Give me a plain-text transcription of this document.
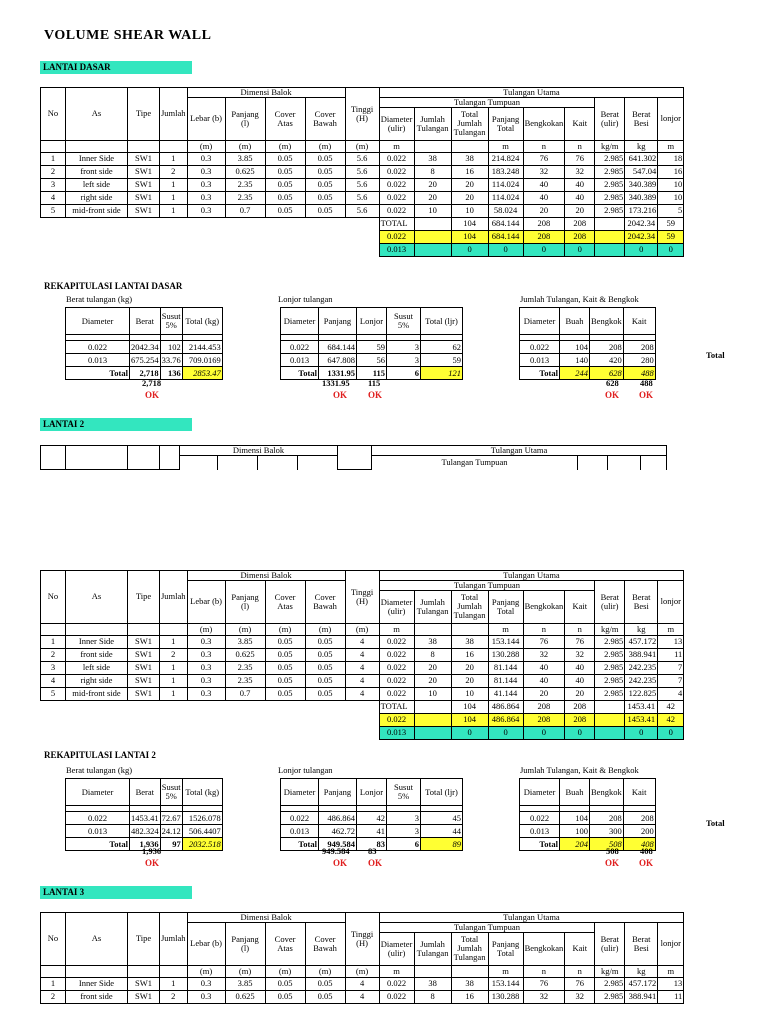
VOLUME SHEAR WALL
LANTAI DASAR
No	As	Tipe	Jumlah	Dimensi Balok				Tinggi (H)	Tulangan Utama								
				Lebar (b)	Panjang (l)	Cover Atas	Cover Bawah		Tulangan Tumpuan						Berat (ulir)	Berat Besi	lonjor
									Diameter (ulir)	Jumlah Tulangan	Total Jumlah Tulangan	Panjang Total	Bengkokan	Kait			
				(m)	(m)	(m)	(m)	(m)	m			m	n	n	kg/m	kg	m
1	Inner Side	SW1	1	0.3	3.85	0.05	0.05	5.6	0.022	38	38	214.824	76	76	2.985	641.302	18
2	front side	SW1	2	0.3	0.625	0.05	0.05	5.6	0.022	8	16	183.248	32	32	2.985	547.04	16
3	left side	SW1	1	0.3	2.35	0.05	0.05	5.6	0.022	20	20	114.024	40	40	2.985	340.389	10
4	right side	SW1	1	0.3	2.35	0.05	0.05	5.6	0.022	20	20	114.024	40	40	2.985	340.389	10
5	mid-front side	SW1	1	0.3	0.7	0.05	0.05	5.6	0.022	10	10	58.024	20	20	2.985	173.216	5
									TOTAL		104	684.144	208	208		2042.34	59
									0.022		104	684.144	208	208		2042.34	59
									0.013		0	0	0	0		0	0
REKAPITULASI LANTAI DASAR
Berat tulangan (kg)	Lonjor tulangan	Jumlah Tulangan, Kait & Bengkok
Diameter	Berat	Susut 5%	Total (kg)

0.022	2042.34	102	2144.453
0.013	675.254	33.76	709.0169
Total	2,718	136	2853.47
Diameter	Panjang	Lonjor	Susut 5%	Total (ljr)

0.022	684.144	59	3	62
0.013	647.808	56	3	59
Total	1331.95	115	6	121
Diameter	Buah	Bengkok	Kait

0.022	104	208	208
0.013	140	420	280
Total	244	628	488
Total
2,718
OK
1331.95 115
OK OK
628	488
OK OK
LANTAI 2
				Dimensi Balok					Tulangan Utama			
									Tulangan Tumpuan			
No	As	Tipe	Jumlah	Dimensi Balok				Tinggi (H)	Tulangan Utama								
				Lebar (b)	Panjang (l)	Cover Atas	Cover Bawah		Tulangan Tumpuan						Berat (ulir)	Berat Besi	lonjor
									Diameter (ulir)	Jumlah Tulangan	Total Jumlah Tulangan	Panjang Total	Bengkokan	Kait			
				(m)	(m)	(m)	(m)	(m)	m			m	n	n	kg/m	kg	m
1	Inner Side	SW1	1	0.3	3.85	0.05	0.05	4	0.022	38	38	153.144	76	76	2.985	457.172	13
2	front side	SW1	2	0.3	0.625	0.05	0.05	4	0.022	8	16	130.288	32	32	2.985	388.941	11
3	left side	SW1	1	0.3	2.35	0.05	0.05	4	0.022	20	20	81.144	40	40	2.985	242.235	7
4	right side	SW1	1	0.3	2.35	0.05	0.05	4	0.022	20	20	81.144	40	40	2.985	242.235	7
5	mid-front side	SW1	1	0.3	0.7	0.05	0.05	4	0.022	10	10	41.144	20	20	2.985	122.825	4
									TOTAL		104	486.864	208	208		1453.41	42
									0.022		104	486.864	208	208		1453.41	42
									0.013		0	0	0	0		0	0
REKAPITULASI LANTAI 2
Berat tulangan (kg)	Lonjor tulangan	Jumlah Tulangan, Kait & Bengkok
Diameter	Berat	Susut 5%	Total (kg)

0.022	1453.41	72.67	1526.078
0.013	482.324	24.12	506.4407
Total	1,936	97	2032.518
Diameter	Panjang	Lonjor	Susut 5%	Total (ljr)

0.022	486.864	42	3	45
0.013	462.72	41	3	44
Total	949.584	83	6	89
Diameter	Buah	Bengkok	Kait

0.022	104	208	208
0.013	100	300	200
Total	204	508	408
Total
1,936
OK
949.584 83
OK OK
508	408
OK OK
LANTAI 3
No	As	Tipe	Jumlah	Dimensi Balok				Tinggi (H)	Tulangan Utama								
				Lebar (b)	Panjang (l)	Cover Atas	Cover Bawah		Tulangan Tumpuan						Berat (ulir)	Berat Besi	lonjor
									Diameter (ulir)	Jumlah Tulangan	Total Jumlah Tulangan	Panjang Total	Bengkokan	Kait			
				(m)	(m)	(m)	(m)	(m)	m			m	n	n	kg/m	kg	m
1	Inner Side	SW1	1	0.3	3.85	0.05	0.05	4	0.022	38	38	153.144	76	76	2.985	457.172	13
2	front side	SW1	2	0.3	0.625	0.05	0.05	4	0.022	8	16	130.288	32	32	2.985	388.941	11
